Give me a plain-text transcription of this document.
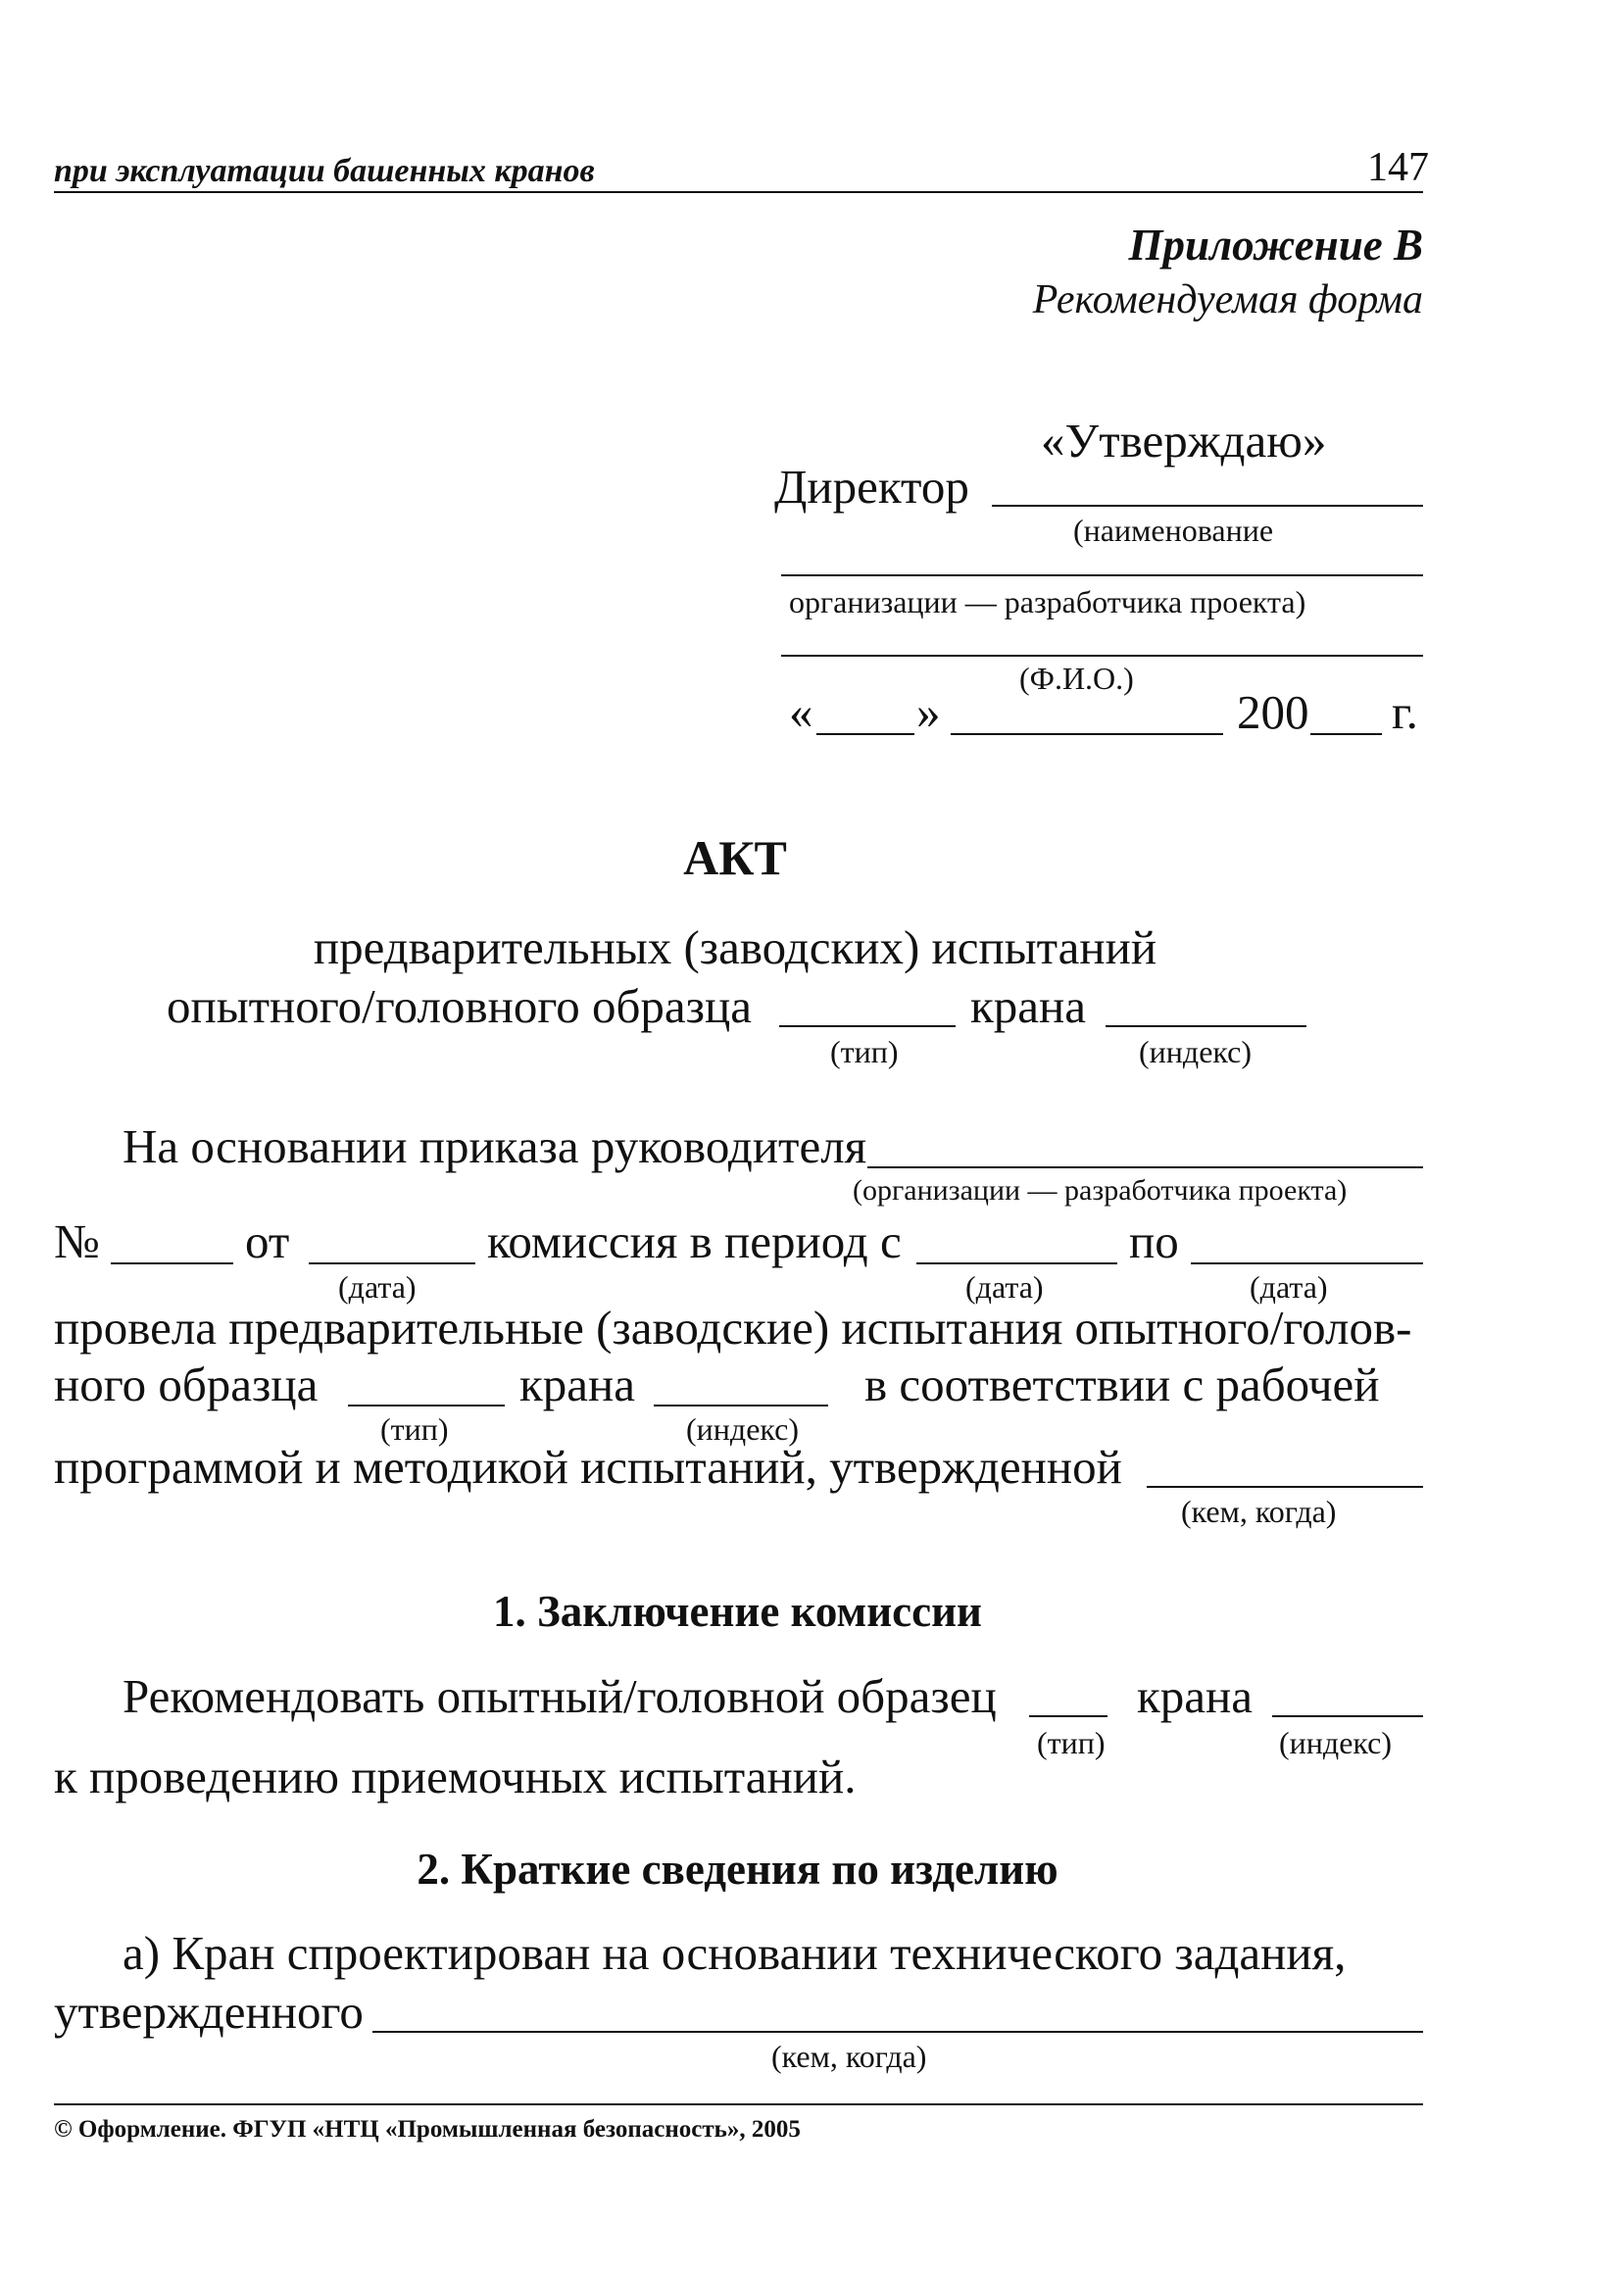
при эксплуатации башенных кранов	147
Приложение В
Рекомендуемая форма
«Утверждаю»
Директор
(наименование
организации — разработчика проекта)
(Ф.И.О.)
« »	200 г.
АКТ
предварительных (заводских) испытаний
опытного/головного образца	крана
(тип)	(индекс)
На основании приказа руководителя
(организации — разработчика проекта)
№	от	комиссия в период с	по
(дата)	(дата)	(дата)
провела предварительные (заводские) испытания опытного/голов-
ного образца	крана	в соответствии с рабочей
(тип)	(индекс)
программой и методикой испытаний, утвержденной
(кем, когда)
1. Заключение комиссии
Рекомендовать опытный/головной образец	крана
(тип)	(индекс)
к проведению приемочных испытаний.
2. Краткие сведения по изделию
а) Кран спроектирован на основании технического задания,
утвержденного
(кем, когда)
© Оформление. ФГУП «НТЦ «Промышленная безопасность», 2005
